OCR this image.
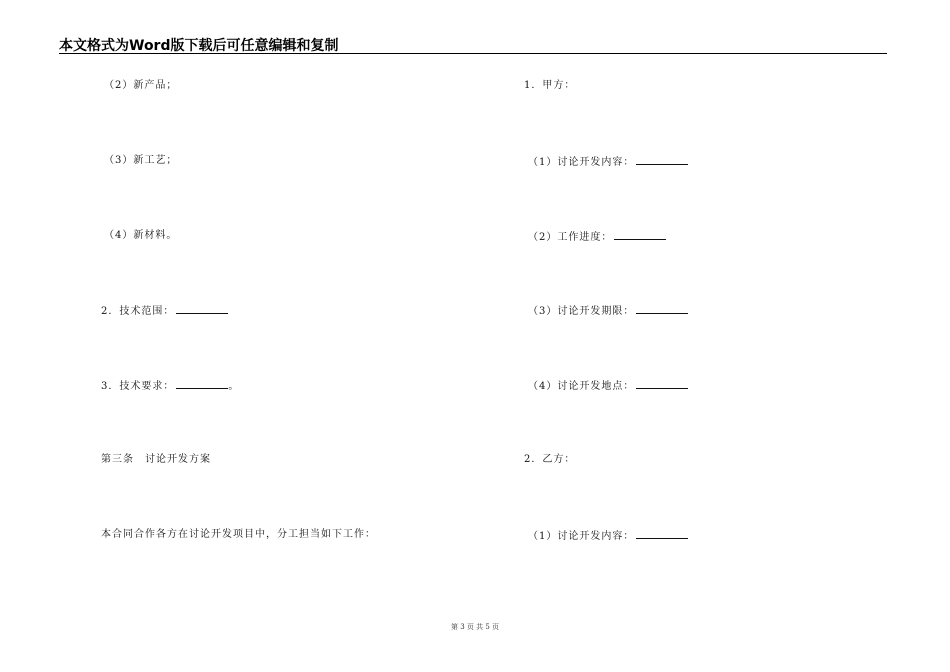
本文格式为Word版下载后可任意编辑和复制
（2）新产品；
（3）新工艺；
（4）新材料。
2．技术范围：
3．技术要求：	。
第三条　讨论开发方案
本合同合作各方在讨论开发项目中，分工担当如下工作：
1．甲方：
（1）讨论开发内容：
（2）工作进度：
（3）讨论开发期限：
（4）讨论开发地点：
2．乙方：
（1）讨论开发内容：
第 3 页 共 5 页
